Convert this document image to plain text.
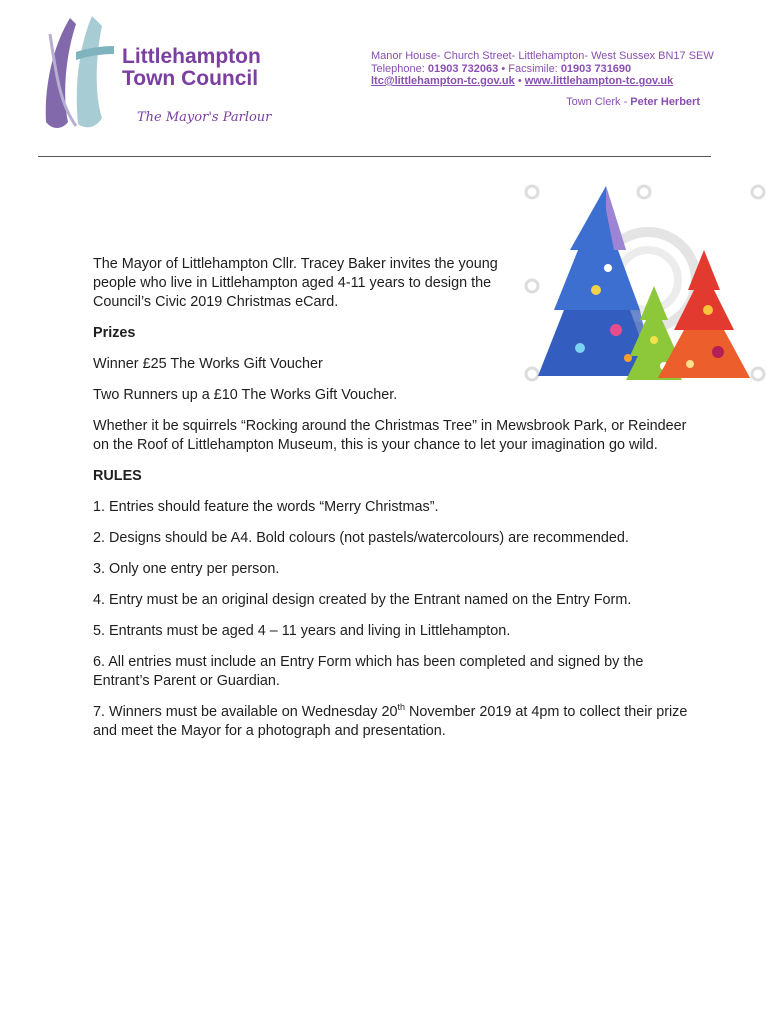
Littlehampton
Town Council
The Mayor's Parlour
Manor House- Church Street- Littlehampton- West Sussex BN17 SEW
Telephone: 01903 732063 • Facsimile: 01903 731690
ltc@littlehampton-tc.gov.uk • www.littlehampton-tc.gov.uk
Town Clerk - Peter Herbert

The Mayor of Littlehampton Cllr. Tracey Baker invites the young people who live in Littlehampton aged 4-11 years to design the Council’s Civic 2019 Christmas eCard.

Prizes

Winner £25 The Works Gift Voucher

Two Runners up a £10 The Works Gift Voucher.

Whether it be squirrels “Rocking around the Christmas Tree” in Mewsbrook Park, or Reindeer on the Roof of Littlehampton Museum, this is your chance to let your imagination go wild.

RULES

1. Entries should feature the words “Merry Christmas”.

2. Designs should be A4. Bold colours (not pastels/watercolours) are recommended.

3. Only one entry per person.

4. Entry must be an original design created by the Entrant named on the Entry Form.

5. Entrants must be aged 4 – 11 years and living in Littlehampton.

6. All entries must include an Entry Form which has been completed and signed by the Entrant’s Parent or Guardian.

7. Winners must be available on Wednesday 20th November 2019 at 4pm to collect their prize and meet the Mayor for a photograph and presentation.
